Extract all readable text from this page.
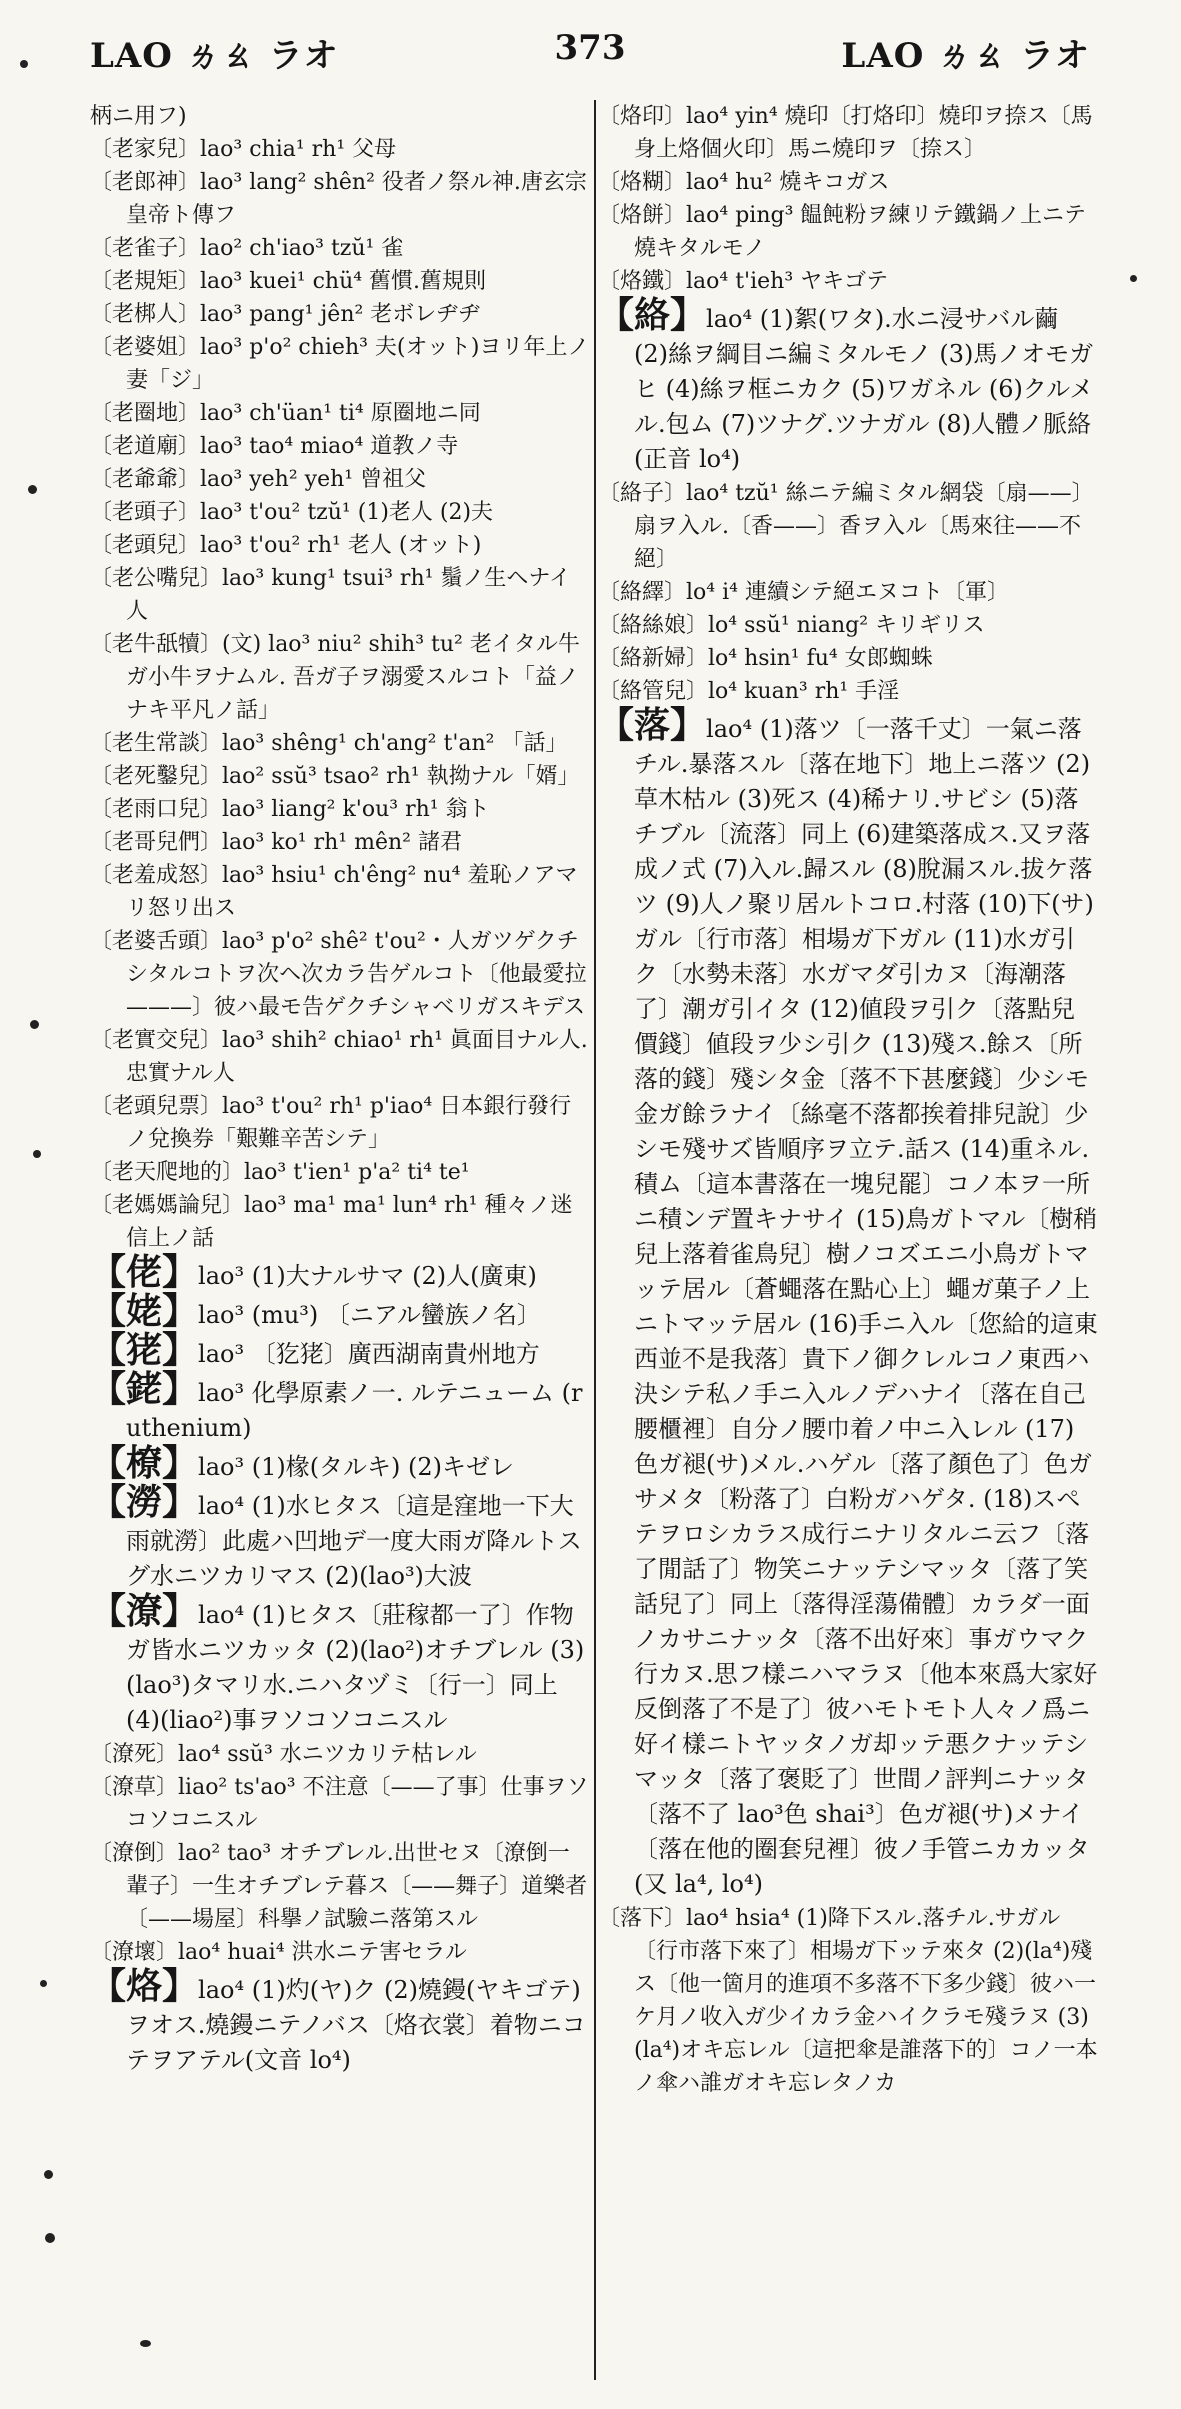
LAO ㄌㄠ ラオ	373	LAO ㄌㄠ ラオ

柄ニ用フ)

〔老家兒〕lao³ chia¹ rh¹ 父母

〔老郎神〕lao³ lang² shên² 役者ノ祭ル神.唐玄宗皇帝ト傳フ

〔老雀子〕lao² ch'iao³ tzŭ¹ 雀

〔老規矩〕lao³ kuei¹ chü⁴ 舊慣.舊規則

〔老梆人〕lao³ pang¹ jên² 老ボレヂヂ

〔老婆姐〕lao³ p'o² chieh³ 夫(オット)ヨリ年上ノ妻「ジ」

〔老圈地〕lao³ ch'üan¹ ti⁴ 原圈地ニ同

〔老道廟〕lao³ tao⁴ miao⁴ 道教ノ寺

〔老爺爺〕lao³ yeh² yeh¹ 曾祖父

〔老頭子〕lao³ t'ou² tzŭ¹ (1)老人 (2)夫

〔老頭兒〕lao³ t'ou² rh¹ 老人 (オット)

〔老公嘴兒〕lao³ kung¹ tsui³ rh¹ 鬚ノ生ヘナイ人

〔老牛舐犢〕(文) lao³ niu² shih³ tu² 老イタル牛ガ小牛ヲナムル. 吾ガ子ヲ溺愛スルコト「益ノナキ平凡ノ話」

〔老生常談〕lao³ shêng¹ ch'ang² t'an² 「話」

〔老死鑿兒〕lao² ssŭ³ tsao² rh¹ 執拗ナル「婿」

〔老雨口兒〕lao³ liang² k'ou³ rh¹ 翁ト

〔老哥兒們〕lao³ ko¹ rh¹ mên² 諸君

〔老羞成怒〕lao³ hsiu¹ ch'êng² nu⁴ 羞恥ノアマリ怒リ出ス

〔老婆舌頭〕lao³ p'o² shê² t'ou²・人ガツゲクチシタルコトヲ次ヘ次カラ告ゲルコト〔他最愛拉———〕彼ハ最モ告ゲクチシャベリガスキデス

〔老實交兒〕lao³ shih² chiao¹ rh¹ 眞面目ナル人.忠實ナル人

〔老頭兒票〕lao³ t'ou² rh¹ p'iao⁴ 日本銀行發行ノ兌換券「艱難辛苦シテ」

〔老天爬地的〕lao³ t'ien¹ p'a² ti⁴ te¹

〔老媽媽論兒〕lao³ ma¹ ma¹ lun⁴ rh¹ 種々ノ迷信上ノ話

【佬】lao³ (1)大ナルサマ (2)人(廣東)

【姥】lao³ (mu³) 〔ニアル蠻族ノ名〕

【狫】lao³ 〔犵狫〕廣西湖南貴州地方

【銠】lao³ 化學原素ノ一. ルテニューム (ruthenium)

【橑】lao³ (1)椽(タルキ) (2)キゼレ

【澇】lao⁴ (1)水ヒタス〔這是窪地一下大雨就澇〕此處ハ凹地デ一度大雨ガ降ルトスグ水ニツカリマス (2)(lao³)大波

【潦】lao⁴ (1)ヒタス〔莊稼都一了〕作物ガ皆水ニツカッタ (2)(lao²)オチブレル (3)(lao³)タマリ水.ニハタヅミ〔行一〕同上 (4)(liao²)事ヲソコソコニスル

〔潦死〕lao⁴ ssŭ³ 水ニツカリテ枯レル

〔潦草〕liao² ts'ao³ 不注意〔——了事〕仕事ヲソコソコニスル

〔潦倒〕lao² tao³ オチブレル.出世セヌ〔潦倒一輩子〕一生オチブレテ暮ス〔——舞子〕道樂者〔——場屋〕科擧ノ試驗ニ落第スル

〔潦壞〕lao⁴ huai⁴ 洪水ニテ害セラル

【烙】lao⁴ (1)灼(ヤ)ク (2)燒鏝(ヤキゴテ)ヲオス.燒鏝ニテノバス〔烙衣裳〕着物ニコテヲアテル(文音 lo⁴)

〔烙印〕lao⁴ yin⁴ 燒印〔打烙印〕燒印ヲ捺ス〔馬身上烙個火印〕馬ニ燒印ヲ〔捺ス〕

〔烙糊〕lao⁴ hu² 燒キコガス

〔烙餅〕lao⁴ ping³ 饂飩粉ヲ練リテ鐵鍋ノ上ニテ燒キタルモノ

〔烙鐵〕lao⁴ t'ieh³ ヤキゴテ

【絡】lao⁴ (1)絮(ワタ).水ニ浸サバル繭 (2)絲ヲ綱目ニ編ミタルモノ (3)馬ノオモガヒ (4)絲ヲ框ニカク (5)ワガネル (6)クルメル.包ム (7)ツナグ.ツナガル (8)人體ノ脈絡(正音 lo⁴)

〔絡子〕lao⁴ tzŭ¹ 絲ニテ編ミタル網袋〔扇——〕扇ヲ入ル.〔香——〕香ヲ入ル〔馬來往——不絕〕

〔絡繹〕lo⁴ i⁴ 連續シテ絕エヌコト〔軍〕

〔絡絲娘〕lo⁴ ssŭ¹ niang² キリギリス

〔絡新婦〕lo⁴ hsin¹ fu⁴ 女郎蜘蛛

〔絡管兒〕lo⁴ kuan³ rh¹ 手淫

【落】lao⁴ (1)落ツ〔一落千丈〕一氣ニ落チル.暴落スル〔落在地下〕地上ニ落ツ (2)草木枯ル (3)死ス (4)稀ナリ.サビシ (5)落チブル〔流落〕同上 (6)建築落成ス.又ヲ落成ノ式 (7)入ル.歸スル (8)脫漏スル.拔ケ落ツ (9)人ノ聚リ居ルトコロ.村落 (10)下(サ)ガル〔行市落〕相場ガ下ガル (11)水ガ引ク〔水勢未落〕水ガマダ引カヌ〔海潮落了〕潮ガ引イタ (12)値段ヲ引ク〔落點兒價錢〕値段ヲ少シ引ク (13)殘ス.餘ス〔所落的錢〕殘シタ金〔落不下甚麼錢〕少シモ金ガ餘ラナイ〔絲毫不落都挨着排兒說〕少シモ殘サズ皆順序ヲ立テ.話ス (14)重ネル.積ム〔這本書落在一塊兒罷〕コノ本ヲ一所ニ積ンデ置キナサイ (15)鳥ガトマル〔樹稍兒上落着雀鳥兒〕樹ノコズエニ小鳥ガトマッテ居ル〔蒼蠅落在點心上〕蠅ガ菓子ノ上ニトマッテ居ル (16)手ニ入ル〔您給的這東西並不是我落〕貴下ノ御クレルコノ東西ハ決シテ私ノ手ニ入ルノデハナイ〔落在自己腰櫃裡〕自分ノ腰巾着ノ中ニ入レル (17)色ガ褪(サ)メル.ハゲル〔落了顏色了〕色ガサメタ〔粉落了〕白粉ガハゲタ. (18)スペテヲロシカラス成行ニナリタルニ云フ〔落了閒話了〕物笑ニナッテシマッタ〔落了笑話兒了〕同上〔落得淫蕩備體〕カラダ一面ノカサニナッタ〔落不出好來〕事ガウマク行カヌ.思フ樣ニハマラヌ〔他本來爲大家好反倒落了不是了〕彼ハモトモト人々ノ爲ニ好イ樣ニトヤッタノガ却ッテ悪クナッテシマッタ〔落了褒貶了〕世間ノ評判ニナッタ〔落不了 lao³色 shai³〕色ガ褪(サ)メナイ〔落在他的圈套兒裡〕彼ノ手管ニカカッタ(又 la⁴, lo⁴)

〔落下〕lao⁴ hsia⁴ (1)降下スル.落チル.サガル〔行市落下來了〕相場ガ下ッテ來タ (2)(la⁴)殘ス〔他一箇月的進項不多落不下多少錢〕彼ハ一ケ月ノ收入ガ少イカラ金ハイクラモ殘ラヌ (3)(la⁴)オキ忘レル〔這把傘是誰落下的〕コノ一本ノ傘ハ誰ガオキ忘レタノカ
